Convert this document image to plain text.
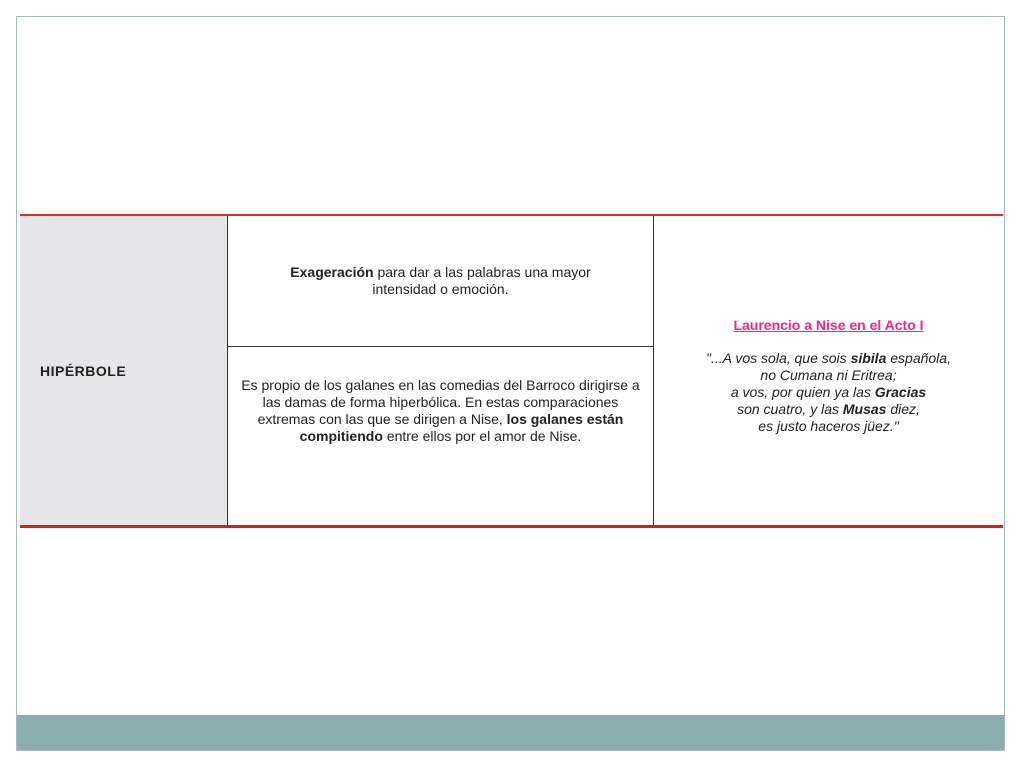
HIPÉRBOLE
Exageración para dar a las palabras una mayor intensidad o emoción.
Es propio de los galanes en las comedias del Barroco dirigirse a las damas de forma hiperbólica. En estas comparaciones extremas con las que se dirigen a Nise, los galanes están compitiendo entre ellos por el amor de Nise.
Laurencio a Nise en el Acto I
"...A vos sola, que sois sibila española,
no Cumana ni Eritrea;
a vos, por quien ya las Gracias
son cuatro, y las Musas diez,
es justo haceros jüez."
